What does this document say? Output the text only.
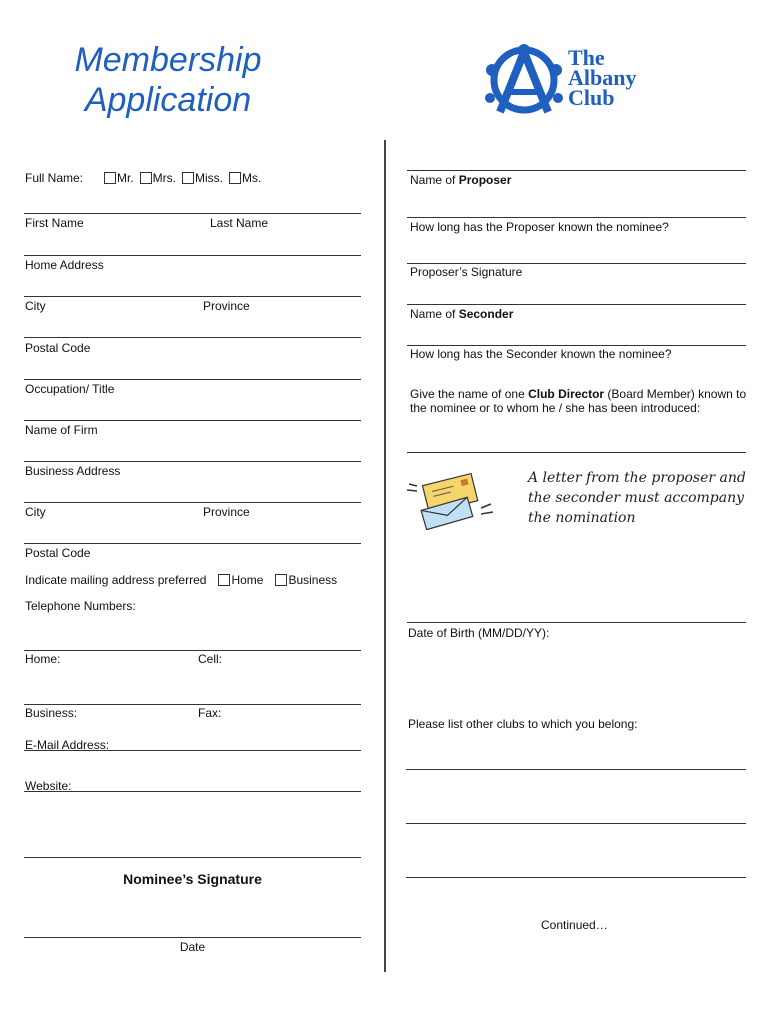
Membership
Application
The
Albany
Club
Full Name:	Mr. Mrs. Miss. Ms.
First Name	Last Name
Home Address
City	Province
Postal Code
Occupation/ Title
Name of Firm
Business Address
City	Province
Postal Code
Indicate mailing address preferred Home Business
Telephone Numbers:
Home:	Cell:
Business:	Fax:
E-Mail Address:
Website:
Nominee’s Signature
Date
Name of Proposer
How long has the Proposer known the nominee?
Proposer’s Signature
Name of Seconder
How long has the Seconder known the nominee?
Give the name of one Club Director (Board Member) known to
the nominee or to whom he / she has been introduced:
A letter from the proposer and
the seconder must accompany
the nomination
Date of Birth (MM/DD/YY):
Please list other clubs to which you belong:
Continued…
